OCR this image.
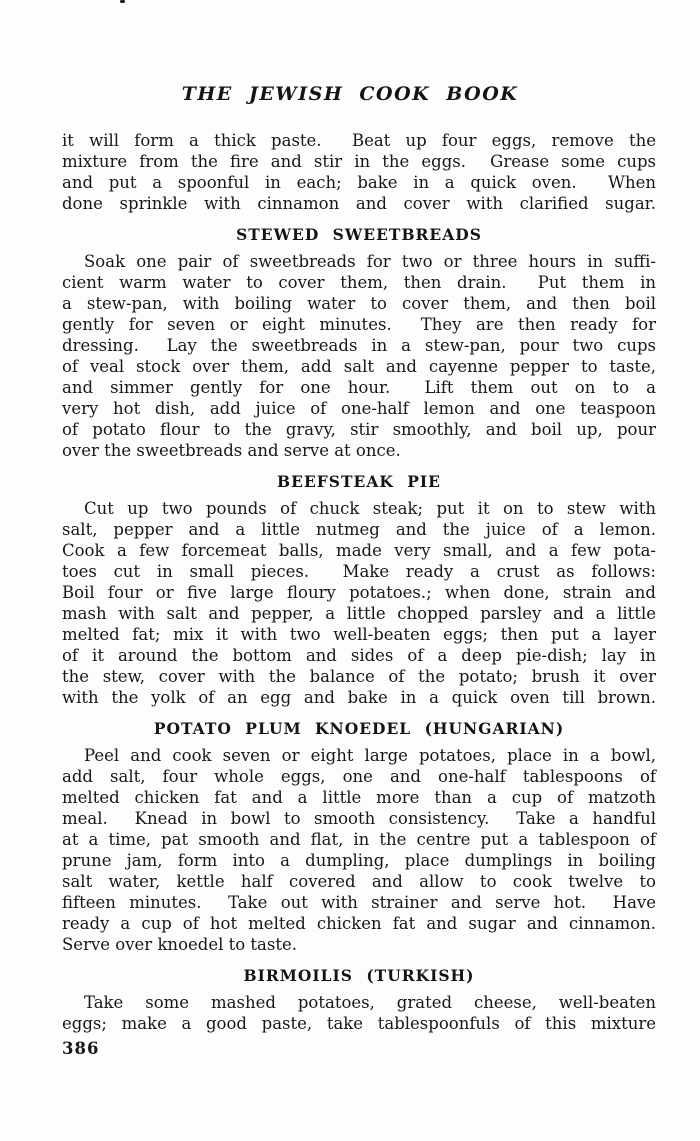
THE JEWISH COOK BOOK
it will form a thick paste.  Beat up four eggs, remove the
mixture from the fire and stir in the eggs.  Grease some cups
and put a spoonful in each; bake in a quick oven.  When
done sprinkle with cinnamon and cover with clarified sugar.
STEWED SWEETBREADS
Soak one pair of sweetbreads for two or three hours in suffi-
cient warm water to cover them, then drain.  Put them in
a stew-pan, with boiling water to cover them, and then boil
gently for seven or eight minutes.  They are then ready for
dressing.  Lay the sweetbreads in a stew-pan, pour two cups
of veal stock over them, add salt and cayenne pepper to taste,
and simmer gently for one hour.  Lift them out on to a
very hot dish, add juice of one-half lemon and one teaspoon
of potato flour to the gravy, stir smoothly, and boil up, pour
over the sweetbreads and serve at once.
BEEFSTEAK PIE
Cut up two pounds of chuck steak; put it on to stew with
salt, pepper and a little nutmeg and the juice of a lemon.
Cook a few forcemeat balls, made very small, and a few pota-
toes cut in small pieces.  Make ready a crust as follows:
Boil four or five large floury potatoes.; when done, strain and
mash with salt and pepper, a little chopped parsley and a little
melted fat; mix it with two well-beaten eggs; then put a layer
of it around the bottom and sides of a deep pie-dish; lay in
the stew, cover with the balance of the potato; brush it over
with the yolk of an egg and bake in a quick oven till brown.
POTATO PLUM KNOEDEL (HUNGARIAN)
Peel and cook seven or eight large potatoes, place in a bowl,
add salt, four whole eggs, one and one-half tablespoons of
melted chicken fat and a little more than a cup of matzoth
meal.  Knead in bowl to smooth consistency.  Take a handful
at a time, pat smooth and flat, in the centre put a tablespoon of
prune jam, form into a dumpling, place dumplings in boiling
salt water, kettle half covered and allow to cook twelve to
fifteen minutes.  Take out with strainer and serve hot.  Have
ready a cup of hot melted chicken fat and sugar and cinnamon.
Serve over knoedel to taste.
BIRMOILIS (TURKISH)
Take some mashed potatoes, grated cheese, well-beaten
eggs; make a good paste, take tablespoonfuls of this mixture
386
